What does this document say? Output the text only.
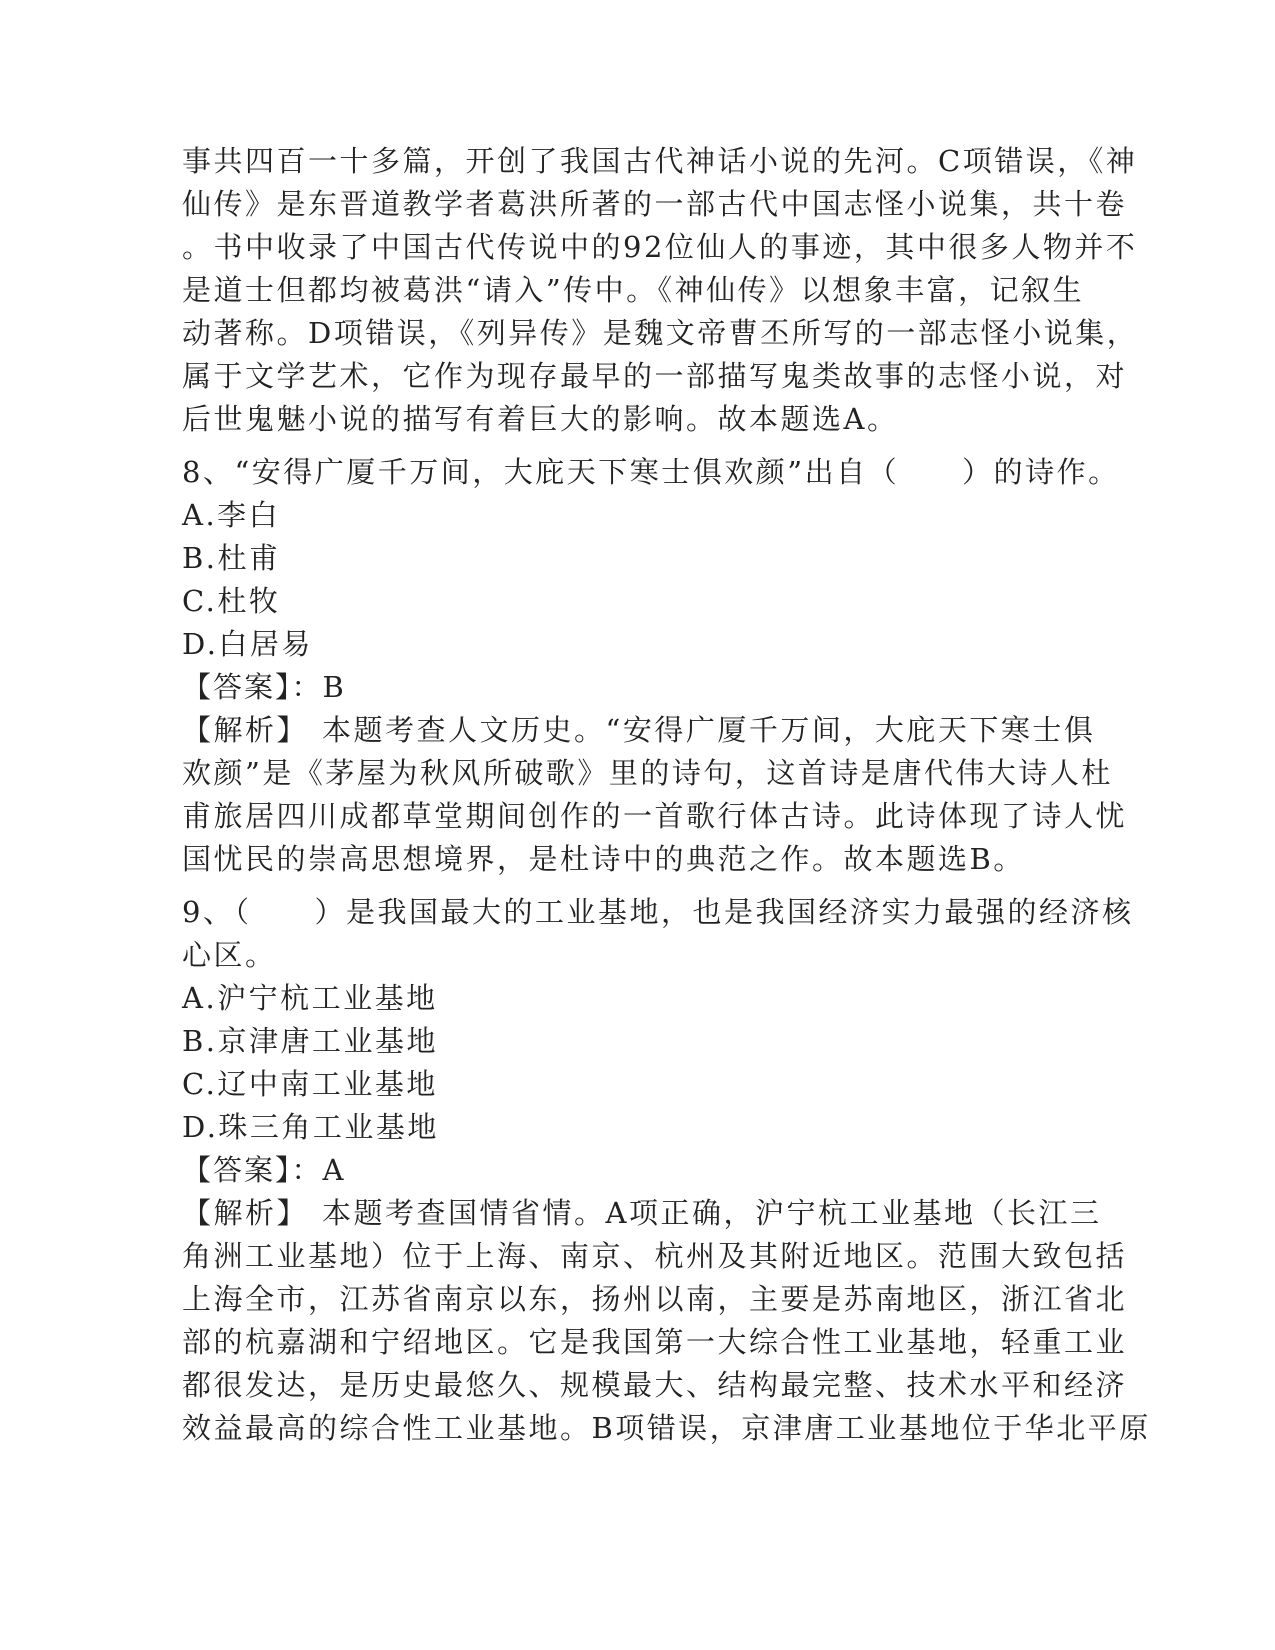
事共四百一十多篇，开创了我国古代神话小说的先河。C项错误，《神
仙传》是东晋道教学者葛洪所著的一部古代中国志怪小说集，共十卷
。书中收录了中国古代传说中的92位仙人的事迹，其中很多人物并不
是道士但都均被葛洪“请入”传中。《神仙传》以想象丰富，记叙生
动著称。D项错误，《列异传》是魏文帝曹丕所写的一部志怪小说集，
属于文学艺术，它作为现存最早的一部描写鬼类故事的志怪小说，对
后世鬼魅小说的描写有着巨大的影响。故本题选A。
8、“安得广厦千万间，大庇天下寒士俱欢颜”出自（　　）的诗作。
A.李白
B.杜甫
C.杜牧
D.白居易
【答案】：B
【解析】 本题考查人文历史。“安得广厦千万间，大庇天下寒士俱
欢颜”是《茅屋为秋风所破歌》里的诗句，这首诗是唐代伟大诗人杜
甫旅居四川成都草堂期间创作的一首歌行体古诗。此诗体现了诗人忧
国忧民的崇高思想境界，是杜诗中的典范之作。故本题选B。
9、（　　）是我国最大的工业基地，也是我国经济实力最强的经济核
心区。
A.沪宁杭工业基地
B.京津唐工业基地
C.辽中南工业基地
D.珠三角工业基地
【答案】：A
【解析】 本题考查国情省情。A项正确，沪宁杭工业基地（长江三
角洲工业基地）位于上海、南京、杭州及其附近地区。范围大致包括
上海全市，江苏省南京以东，扬州以南，主要是苏南地区，浙江省北
部的杭嘉湖和宁绍地区。它是我国第一大综合性工业基地，轻重工业
都很发达，是历史最悠久、规模最大、结构最完整、技术水平和经济
效益最高的综合性工业基地。B项错误，京津唐工业基地位于华北平原
